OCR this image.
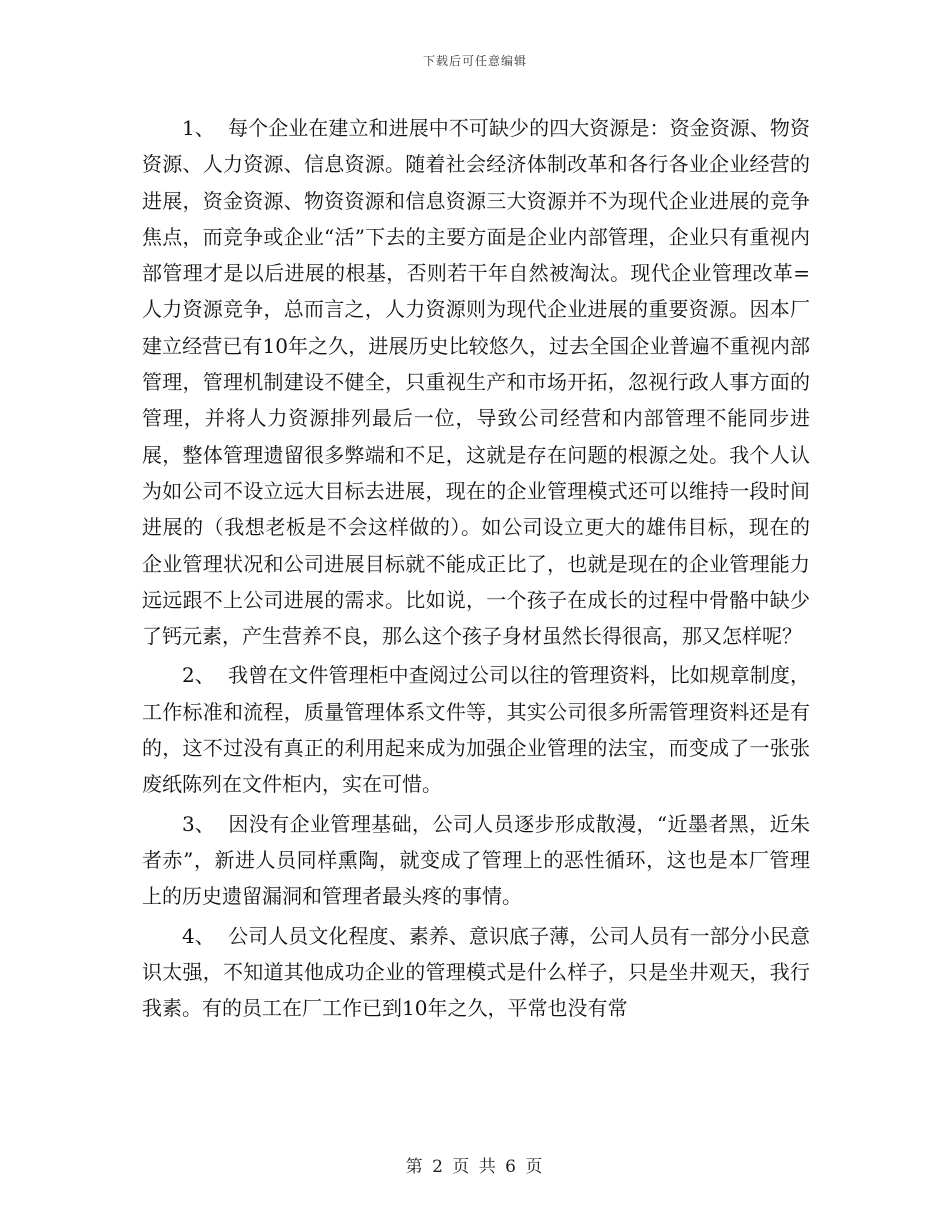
下载后可任意编辑

1、 每个企业在建立和进展中不可缺少的四大资源是：资金资源、物资资源、人力资源、信息资源。随着社会经济体制改革和各行各业企业经营的进展，资金资源、物资资源和信息资源三大资源并不为现代企业进展的竞争焦点，而竞争或企业“活”下去的主要方面是企业内部管理，企业只有重视内部管理才是以后进展的根基，否则若干年自然被淘汰。现代企业管理改革=人力资源竞争，总而言之，人力资源则为现代企业进展的重要资源。因本厂建立经营已有10年之久，进展历史比较悠久，过去全国企业普遍不重视内部管理，管理机制建设不健全，只重视生产和市场开拓，忽视行政人事方面的管理，并将人力资源排列最后一位，导致公司经营和内部管理不能同步进展，整体管理遗留很多弊端和不足，这就是存在问题的根源之处。我个人认为如公司不设立远大目标去进展，现在的企业管理模式还可以维持一段时间进展的（我想老板是不会这样做的）。如公司设立更大的雄伟目标，现在的企业管理状况和公司进展目标就不能成正比了，也就是现在的企业管理能力远远跟不上公司进展的需求。比如说，一个孩子在成长的过程中骨骼中缺少了钙元素，产生营养不良，那么这个孩子身材虽然长得很高，那又怎样呢？

2、 我曾在文件管理柜中查阅过公司以往的管理资料，比如规章制度，工作标准和流程，质量管理体系文件等，其实公司很多所需管理资料还是有的，这不过没有真正的利用起来成为加强企业管理的法宝，而变成了一张张废纸陈列在文件柜内，实在可惜。

3、 因没有企业管理基础，公司人员逐步形成散漫，“近墨者黑，近朱者赤”，新进人员同样熏陶，就变成了管理上的恶性循环，这也是本厂管理上的历史遗留漏洞和管理者最头疼的事情。

4、 公司人员文化程度、素养、意识底子薄，公司人员有一部分小民意识太强，不知道其他成功企业的管理模式是什么样子，只是坐井观天，我行我素。有的员工在厂工作已到10年之久，平常也没有常

第 2 页 共 6 页
